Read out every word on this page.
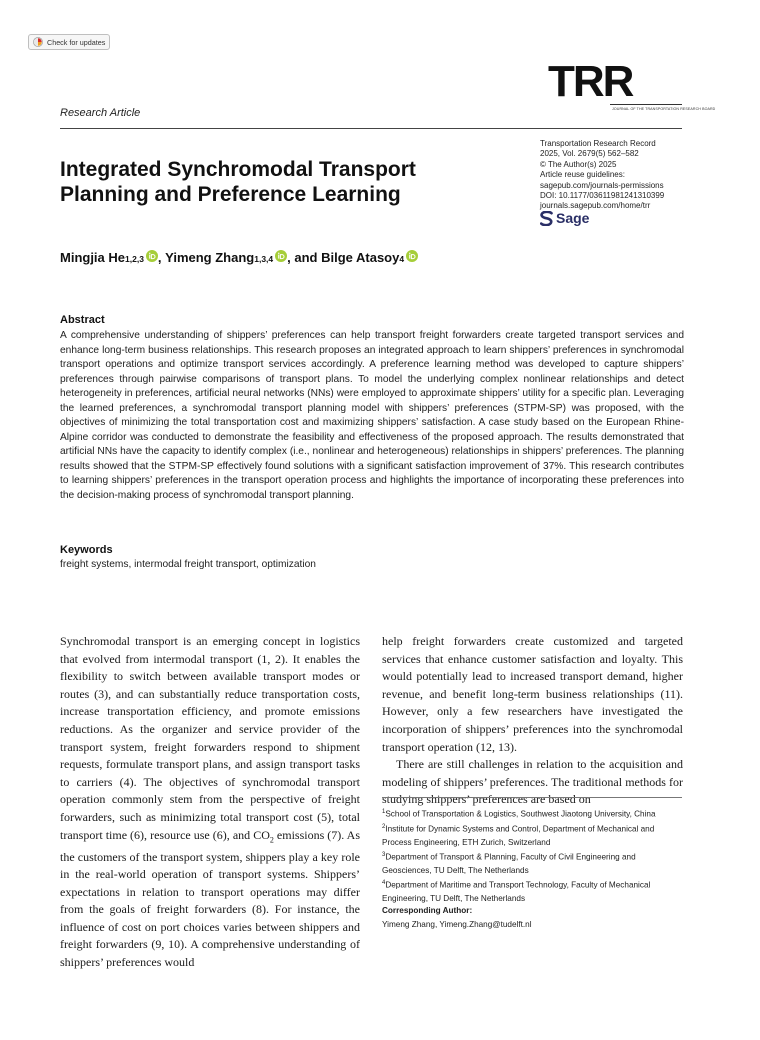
Check for updates
Research Article
TRR
JOURNAL OF THE TRANSPORTATION RESEARCH BOARD
Transportation Research Record
2025, Vol. 2679(5) 562–582
© The Author(s) 2025
Article reuse guidelines:
sagepub.com/journals-permissions
DOI: 10.1177/03611981241310399
journals.sagepub.com/home/trr
Sage
Integrated Synchromodal Transport Planning and Preference Learning
Mingjia He 1,2,3 , Yimeng Zhang 1,3,4 , and Bilge Atasoy 4
Abstract
A comprehensive understanding of shippers’ preferences can help transport freight forwarders create targeted transport services and enhance long-term business relationships. This research proposes an integrated approach to learn shippers’ preferences in synchromodal transport operations and optimize transport services accordingly. A preference learning method was developed to capture shippers’ preferences through pairwise comparisons of transport plans. To model the underlying complex nonlinear relationships and detect heterogeneity in preferences, artificial neural networks (NNs) were employed to approximate shippers’ utility for a specific plan. Leveraging the learned preferences, a synchromodal transport planning model with shippers’ preferences (STPM-SP) was proposed, with the objectives of minimizing the total transportation cost and maximizing shippers’ satisfaction. A case study based on the European Rhine-Alpine corridor was conducted to demonstrate the feasibility and effectiveness of the proposed approach. The results demonstrated that artificial NNs have the capacity to identify complex (i.e., nonlinear and heterogeneous) relationships in shippers’ preferences. The planning results showed that the STPM-SP effectively found solutions with a significant satisfaction improvement of 37%. This research contributes to learning shippers’ preferences in the transport operation process and highlights the importance of incorporating these preferences into the decision-making process of synchromodal transport planning.
Keywords
freight systems, intermodal freight transport, optimization

Synchromodal transport is an emerging concept in logistics that evolved from intermodal transport (1, 2). It enables the flexibility to switch between available transport modes or routes (3), and can substantially reduce transportation costs, increase transportation efficiency, and promote emissions reductions. As the organizer and service provider of the transport system, freight forwarders respond to shipment requests, formulate transport plans, and assign transport tasks to carriers (4). The objectives of synchromodal transport operation commonly stem from the perspective of freight forwarders, such as minimizing total transport cost (5), total transport time (6), resource use (6), and $CO_2$ emissions (7). As the customers of the transport system, shippers play a key role in the real-world operation of transport systems. Shippers’ expectations in relation to transport operations may differ from the goals of freight forwarders (8). For instance, the influence of cost on port choices varies between shippers and freight forwarders (9, 10). A comprehensive understanding of shippers’ preferences would

help freight forwarders create customized and targeted services that enhance customer satisfaction and loyalty. This would potentially lead to increased transport demand, higher revenue, and benefit long-term business relationships (11). However, only a few researchers have investigated the incorporation of shippers’ preferences into the synchromodal transport operation (12, 13).

There are still challenges in relation to the acquisition and modeling of shippers’ preferences. The traditional methods for studying shippers’ preferences are based on

$^1$School of Transportation & Logistics, Southwest Jiaotong University, China
$^2$Institute for Dynamic Systems and Control, Department of Mechanical and Process Engineering, ETH Zurich, Switzerland
$^3$Department of Transport & Planning, Faculty of Civil Engineering and Geosciences, TU Delft, The Netherlands
$^4$Department of Maritime and Transport Technology, Faculty of Mechanical Engineering, TU Delft, The Netherlands
Corresponding Author:
Yimeng Zhang, Yimeng.Zhang@tudelft.nl
